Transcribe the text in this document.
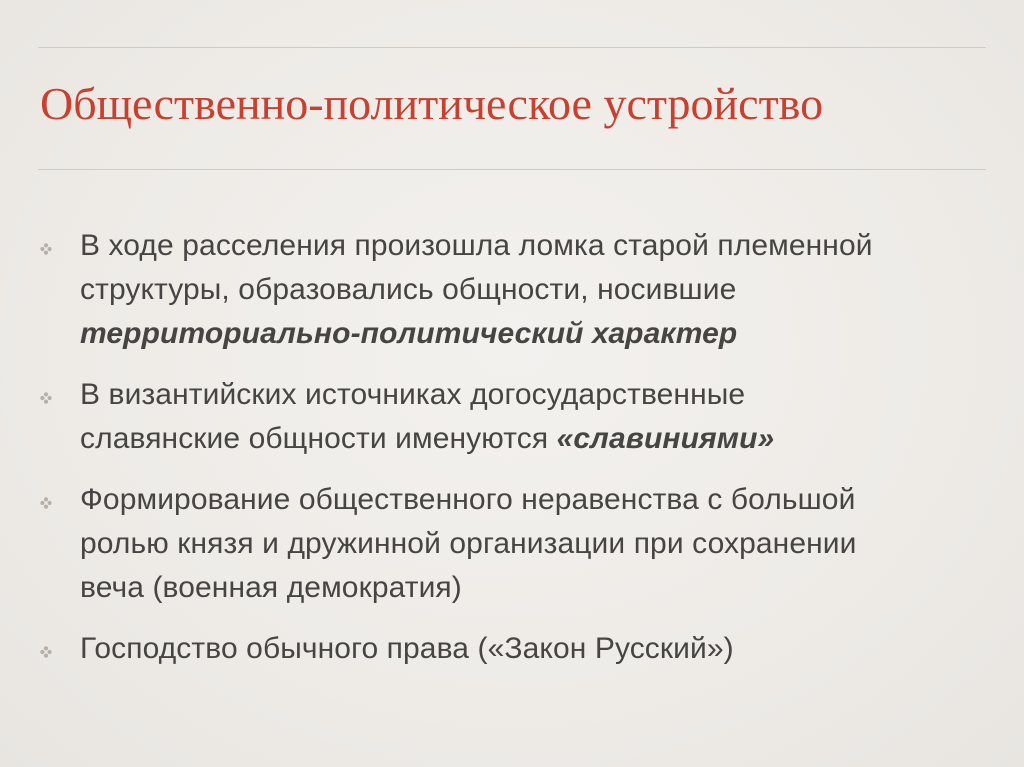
Общественно-политическое устройство
В ходе расселения произошла ломка старой племенной
структуры, образовались общности, носившие
территориально-политический характер
В византийских источниках догосударственные
славянские общности именуются «славиниями»
Формирование общественного неравенства с большой
ролью князя и дружинной организации при сохранении
веча (военная демократия)
Господство обычного права («Закон Русский»)
